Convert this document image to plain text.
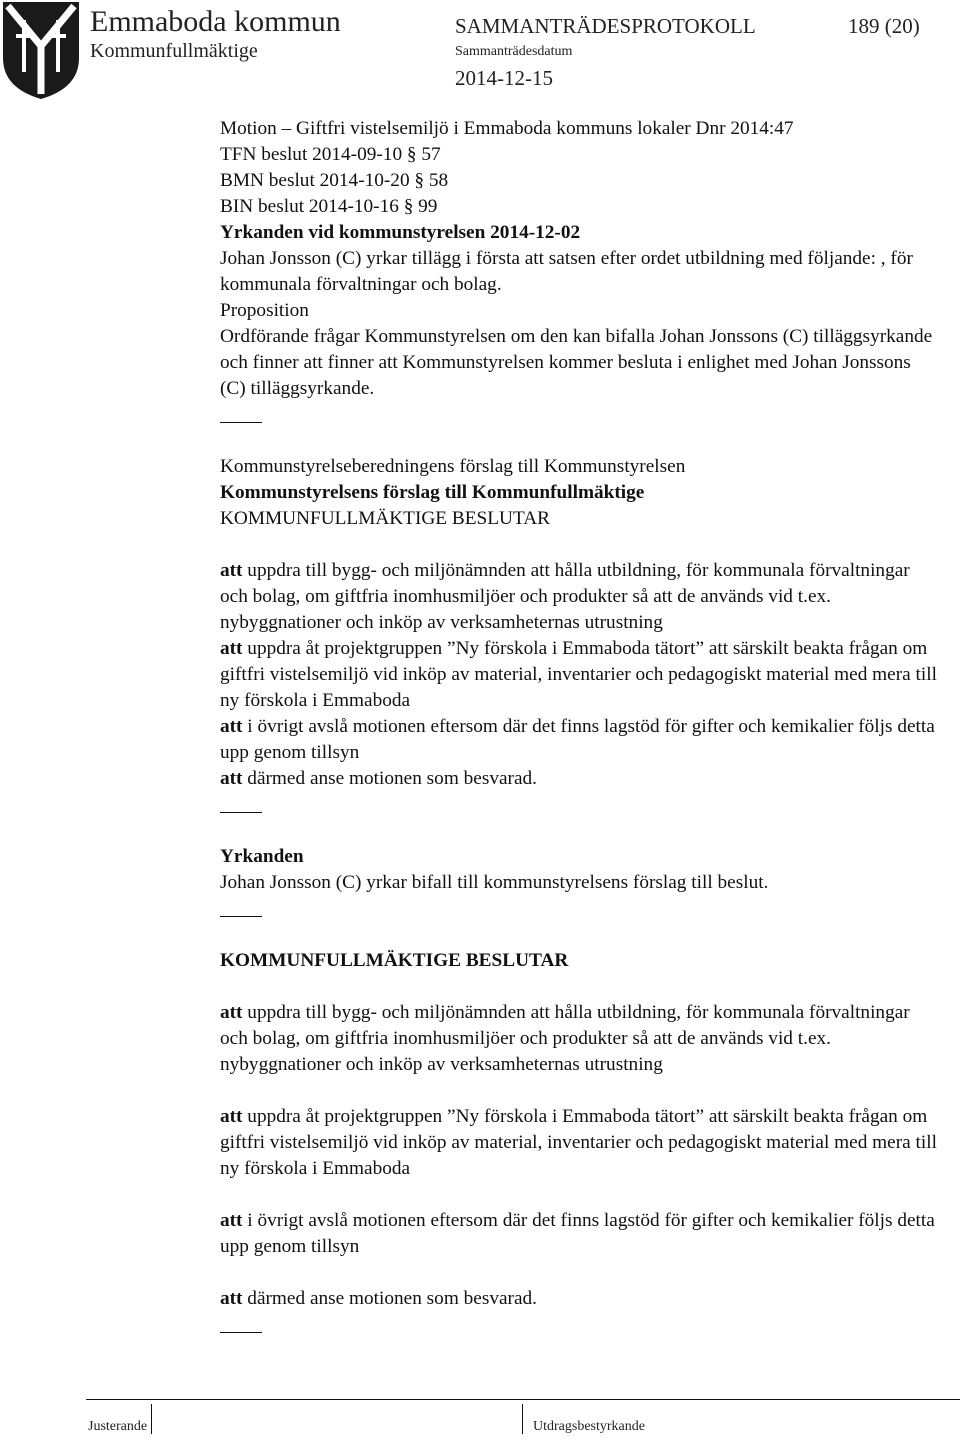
Emmaboda kommun
Kommunfullmäktige
SAMMANTRÄDESPROTOKOLL	189 (20)
Sammanträdesdatum
2014-12-15

Motion – Giftfri vistelsemiljö i Emmaboda kommuns lokaler Dnr 2014:47

TFN beslut 2014-09-10 § 57

BMN beslut 2014-10-20 § 58

BIN beslut 2014-10-16 § 99

Yrkanden vid kommunstyrelsen 2014-12-02

Johan Jonsson (C) yrkar tillägg i första att satsen efter ordet utbildning med följande: , för kommunala förvaltningar och bolag.

Proposition

Ordförande frågar Kommunstyrelsen om den kan bifalla Johan Jonssons (C) tilläggsyrkande och finner att finner att Kommunstyrelsen kommer besluta i enlighet med Johan Jonssons (C) tilläggsyrkande.

Kommunstyrelseberedningens förslag till Kommunstyrelsen

Kommunstyrelsens förslag till Kommunfullmäktige

KOMMUNFULLMÄKTIGE BESLUTAR

att uppdra till bygg- och miljönämnden att hålla utbildning, för kommunala förvaltningar och bolag, om giftfria inomhusmiljöer och produkter så att de används vid t.ex. nybyggnationer och inköp av verksamheternas utrustning

att uppdra åt projektgruppen ”Ny förskola i Emmaboda tätort” att särskilt beakta frågan om giftfri vistelsemiljö vid inköp av material, inventarier och pedagogiskt material med mera till ny förskola i Emmaboda

att i övrigt avslå motionen eftersom där det finns lagstöd för gifter och kemikalier följs detta upp genom tillsyn

att därmed anse motionen som besvarad.

Yrkanden

Johan Jonsson (C) yrkar bifall till kommunstyrelsens förslag till beslut.

KOMMUNFULLMÄKTIGE BESLUTAR

att uppdra till bygg- och miljönämnden att hålla utbildning, för kommunala förvaltningar och bolag, om giftfria inomhusmiljöer och produkter så att de används vid t.ex. nybyggnationer och inköp av verksamheternas utrustning

att uppdra åt projektgruppen ”Ny förskola i Emmaboda tätort” att särskilt beakta frågan om giftfri vistelsemiljö vid inköp av material, inventarier och pedagogiskt material med mera till ny förskola i Emmaboda

att i övrigt avslå motionen eftersom där det finns lagstöd för gifter och kemikalier följs detta upp genom tillsyn

att därmed anse motionen som besvarad.

Justerande	Utdragsbestyrkande
